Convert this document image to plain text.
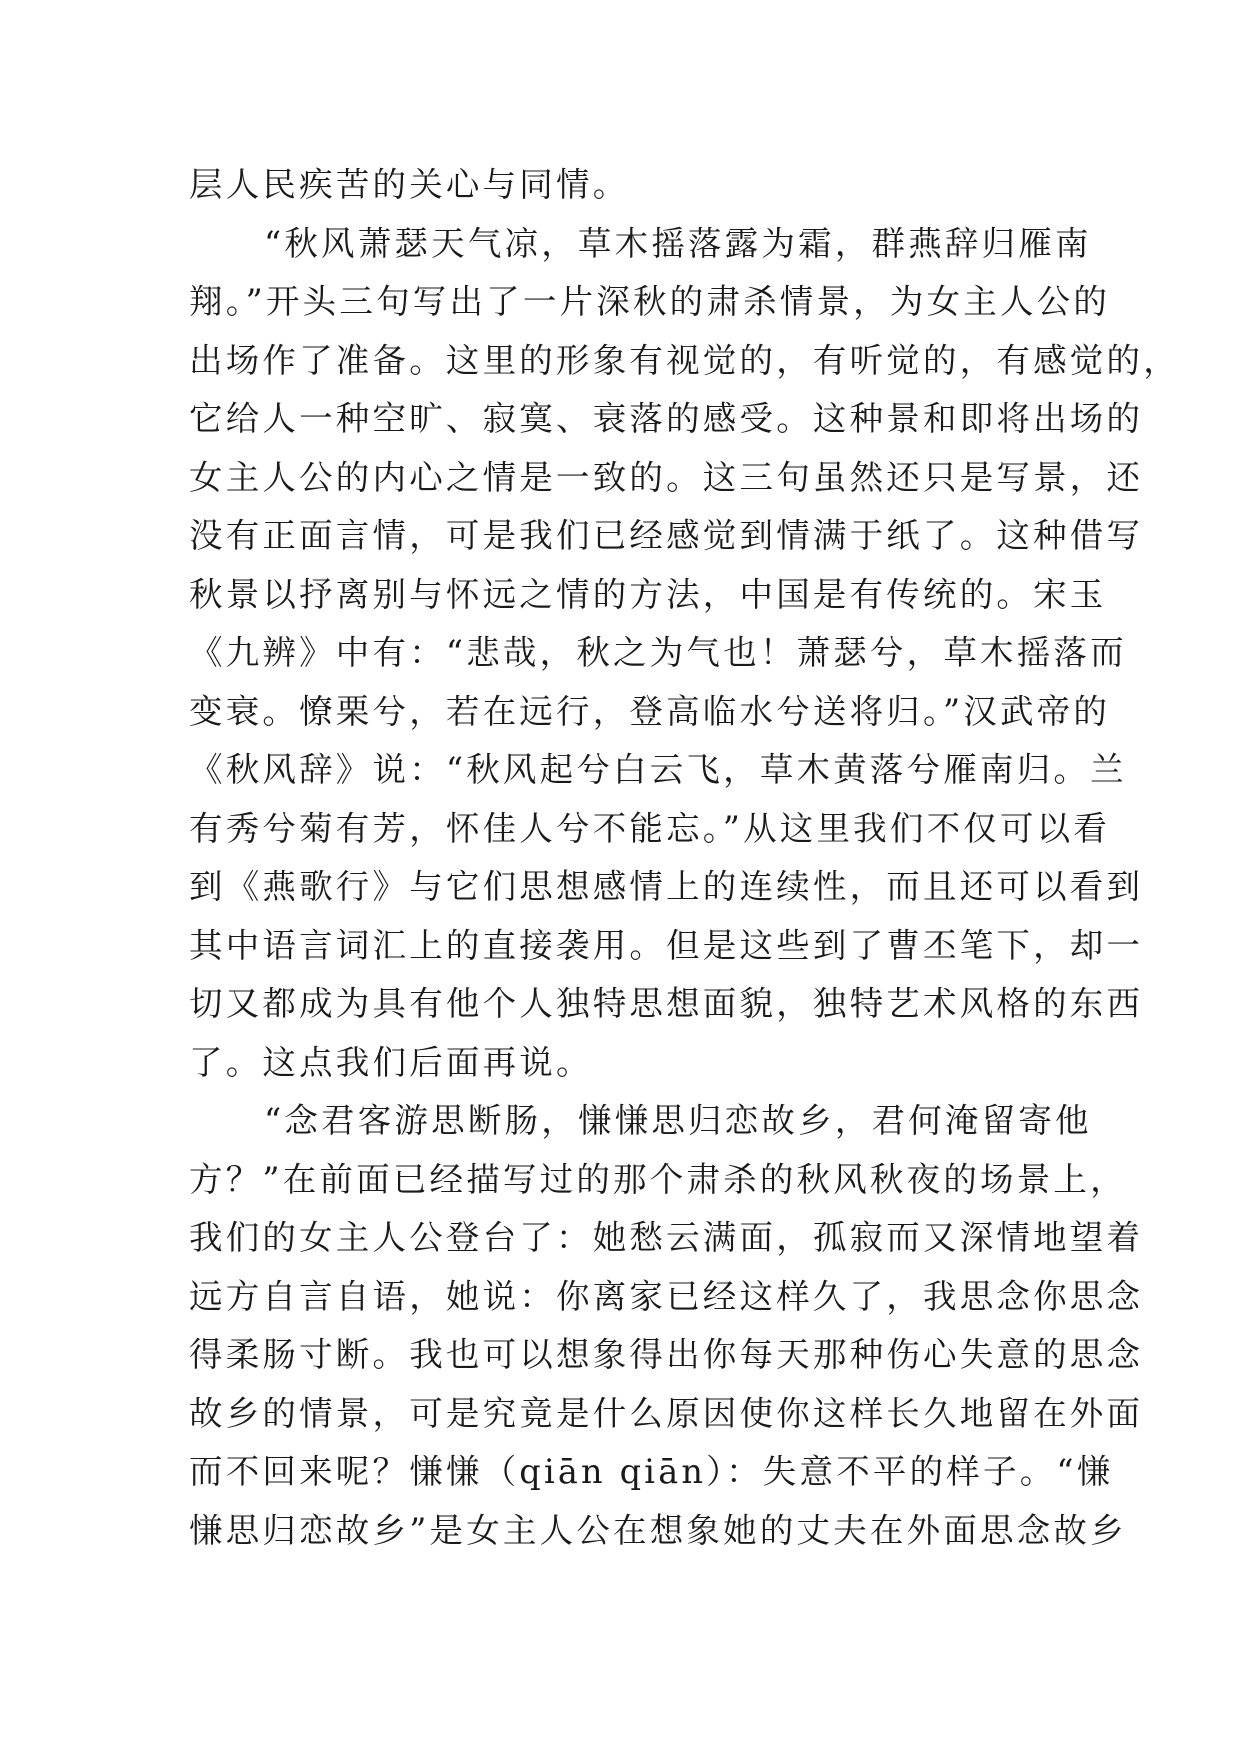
层人民疾苦的关心与同情。
“秋风萧瑟天气凉，草木摇落露为霜，群燕辞归雁南
翔。”开头三句写出了一片深秋的肃杀情景，为女主人公的
出场作了准备。这里的形象有视觉的，有听觉的，有感觉的，
它给人一种空旷、寂寞、衰落的感受。这种景和即将出场的
女主人公的内心之情是一致的。这三句虽然还只是写景，还
没有正面言情，可是我们已经感觉到情满于纸了。这种借写
秋景以抒离别与怀远之情的方法，中国是有传统的。宋玉
《九辨》中有：“悲哉，秋之为气也！萧瑟兮，草木摇落而
变衰。憭栗兮，若在远行，登高临水兮送将归。”汉武帝的
《秋风辞》说：“秋风起兮白云飞，草木黄落兮雁南归。兰
有秀兮菊有芳，怀佳人兮不能忘。”从这里我们不仅可以看
到《燕歌行》与它们思想感情上的连续性，而且还可以看到
其中语言词汇上的直接袭用。但是这些到了曹丕笔下，却一
切又都成为具有他个人独特思想面貌，独特艺术风格的东西
了。这点我们后面再说。
“念君客游思断肠，慊慊思归恋故乡，君何淹留寄他
方？”在前面已经描写过的那个肃杀的秋风秋夜的场景上，
我们的女主人公登台了：她愁云满面，孤寂而又深情地望着
远方自言自语，她说：你离家已经这样久了，我思念你思念
得柔肠寸断。我也可以想象得出你每天那种伤心失意的思念
故乡的情景，可是究竟是什么原因使你这样长久地留在外面
而不回来呢？慊慊（qiān qiān）：失意不平的样子。“慊
慊思归恋故乡”是女主人公在想象她的丈夫在外面思念故乡
